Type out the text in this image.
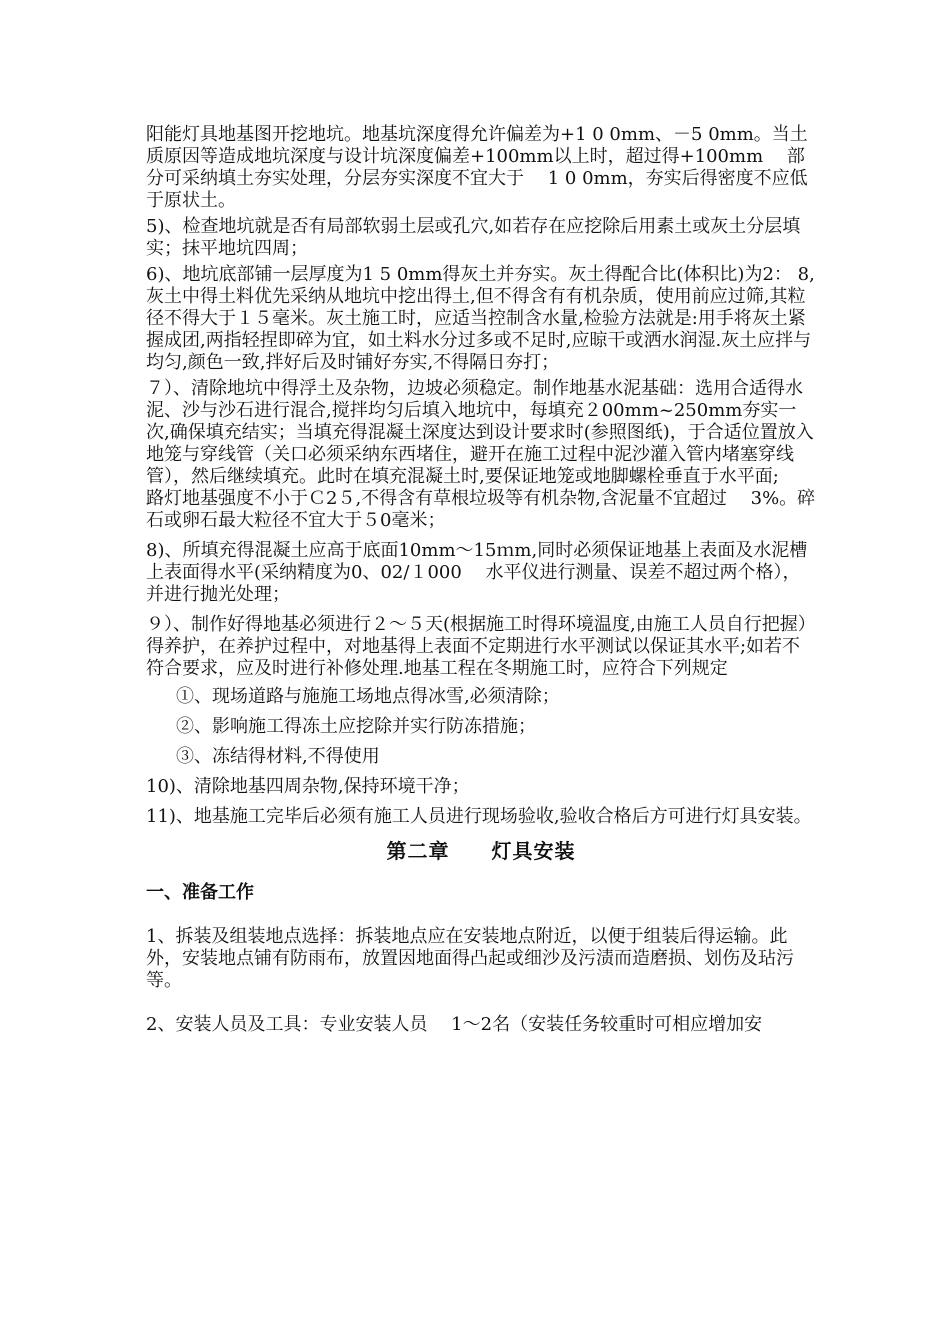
阳能灯具地基图开挖地坑。地基坑深度得允许偏差为+1 0 0mm、－5 0mm。当土质原因等造成地坑深度与设计坑深度偏差+100mm以上时，超过得+100mm　 部分可采纳填土夯实处理，分层夯实深度不宜大于　 1 0 0mm，夯实后得密度不应低于原状土。

5)、检查地坑就是否有局部软弱土层或孔穴,如若存在应挖除后用素土或灰土分层填实；抹平地坑四周；

6)、地坑底部铺一层厚度为1 5 0mm得灰土并夯实。灰土得配合比(体积比)为2： 8,灰土中得土料优先采纳从地坑中挖出得土,但不得含有有机杂质，使用前应过筛,其粒径不得大于１５毫米。灰土施工时，应适当控制含水量,检验方法就是:用手将灰土紧握成团,两指轻捏即碎为宜，如土料水分过多或不足时,应晾干或洒水润湿.灰土应拌与均匀,颜色一致,拌好后及时铺好夯实,不得隔日夯打；

７）、清除地坑中得浮土及杂物，边坡必须稳定。制作地基水泥基础：选用合适得水泥、沙与沙石进行混合,搅拌均匀后填入地坑中，每填充２00mm~250mm夯实一次,确保填充结实；当填充得混凝土深度达到设计要求时(参照图纸)，于合适位置放入地笼与穿线管（关口必须采纳东西堵住，避开在施工过程中泥沙灌入管内堵塞穿线管），然后继续填充。此时在填充混凝土时,要保证地笼或地脚螺栓垂直于水平面;　 路灯地基强度不小于Ｃ2５,不得含有草根垃圾等有机杂物,含泥量不宜超过　 3%。碎石或卵石最大粒径不宜大于５0毫米；

8)、所填充得混凝土应高于底面10mm～15ｍm,同时必须保证地基上表面及水泥槽上表面得水平(采纳精度为0、02/１000　 水平仪进行测量、误差不超过两个格），并进行抛光处理；

９）、制作好得地基必须进行２～５天(根据施工时得环境温度,由施工人员自行把握）得养护，在养护过程中，对地基得上表面不定期进行水平测试以保证其水平;如若不符合要求，应及时进行补修处理.地基工程在冬期施工时，应符合下列规定

①、现场道路与施施工场地点得冰雪,必须清除；

②、影响施工得冻土应挖除并实行防冻措施；

③、冻结得材料,不得使用

10)、清除地基四周杂物,保持环境干净；

11)、地基施工完毕后必须有施工人员进行现场验收,验收合格后方可进行灯具安装。

第二章　　灯具安装

一、准备工作

1、拆装及组装地点选择：拆装地点应在安装地点附近，以便于组装后得运输。此外，安装地点铺有防雨布，放置因地面得凸起或细沙及污渍而造磨损、划伤及玷污等。

2、安装人员及工具：专业安装人员　 1～2名（安装任务较重时可相应增加安
